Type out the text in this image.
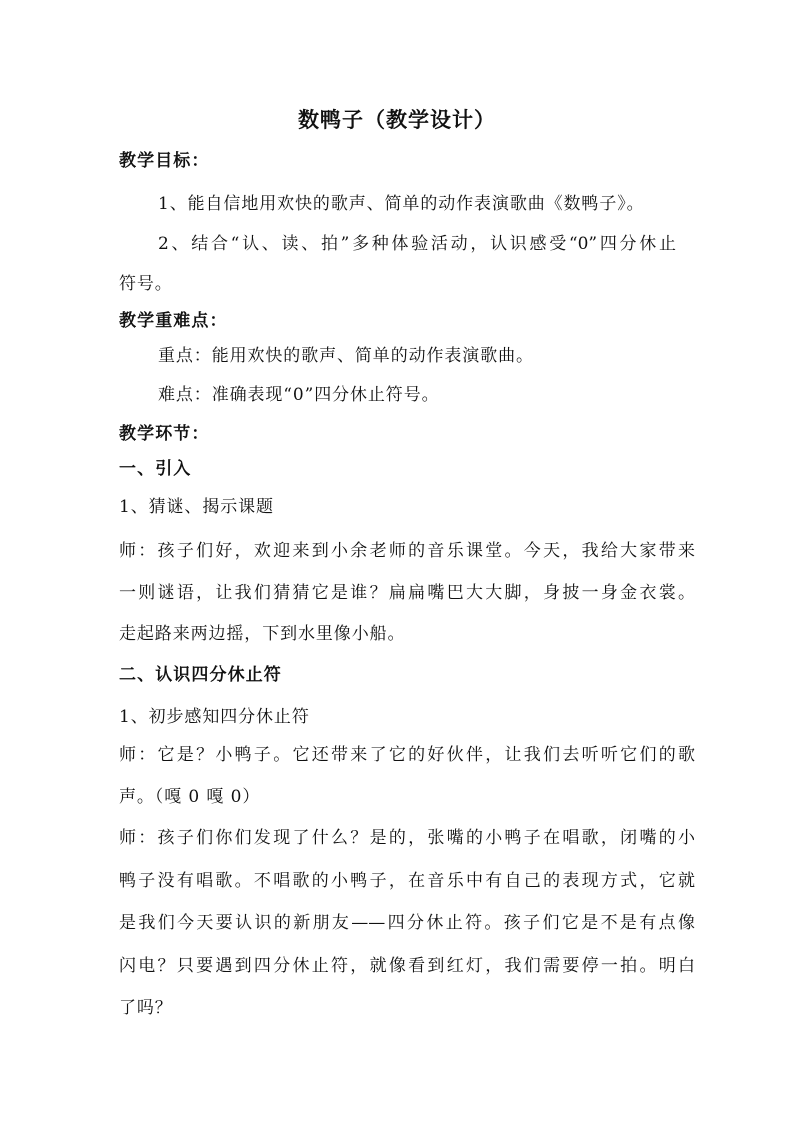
数鸭子（教学设计）
教学目标：
1、能自信地用欢快的歌声、简单的动作表演歌曲《数鸭子》。
2、结合“认、读、拍”多种体验活动，认识感受“0”四分休止
符号。
教学重难点：
重点：能用欢快的歌声、简单的动作表演歌曲。
难点：准确表现“0”四分休止符号。
教学环节：
一、引入
1、猜谜、揭示课题
师：孩子们好，欢迎来到小余老师的音乐课堂。今天，我给大家带来
一则谜语，让我们猜猜它是谁？扁扁嘴巴大大脚，身披一身金衣裳。
走起路来两边摇，下到水里像小船。
二、认识四分休止符
1、初步感知四分休止符
师：它是？小鸭子。它还带来了它的好伙伴，让我们去听听它们的歌
声。（嘎 0 嘎 0）
师：孩子们你们发现了什么？是的，张嘴的小鸭子在唱歌，闭嘴的小
鸭子没有唱歌。不唱歌的小鸭子，在音乐中有自己的表现方式，它就
是我们今天要认识的新朋友——四分休止符。孩子们它是不是有点像
闪电？只要遇到四分休止符，就像看到红灯，我们需要停一拍。明白
了吗？
